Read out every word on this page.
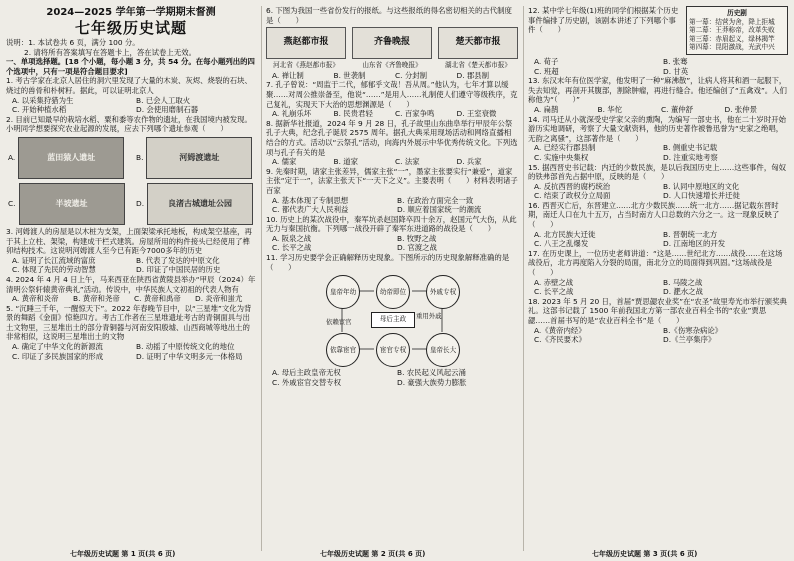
2024—2025 学年第一学期期末督测
七年级历史试题
说明：1. 本试卷共 6 页，满分 100 分。
2. 请将所有答案填写在答题卡上，答在试卷上无效。
一、单项选择题。[18 个小题，每小题 3 分，共 54 分。在每小题列出的四个选项中，只有一项是符合题目要求]
1. 考古学家在北京人居住的洞穴里发现了大量的木炭、灰烬、烧裂的石块、烧过的兽骨和朴树籽。据此，可以证明北京人
A. 以采集狩猎为生	B. 已会人工取火
C. 开始种植水稻	D. 会使用磨制石器
2. 目前已知最早的栽培水稻、粟和黍等农作物的遗址，在我国境内被发现。小明同学想要探究农业起源的发展，应去下列哪个遗址参观（　　）
A.	蓝田猿人遗址	B.	河姆渡遗址
C.	半坡遗址	D.	良渚古城遗址公园
3. 河姆渡人的房屋是以木桩为支架，上面架梁承托地板，构成架空基座，再于其上立柱、架梁，构建成干栏式建筑。房屋所用的构件接头已经使用了榫卯结构技术。这说明河姆渡人至今已有距今7000多年的历史
A. 证明了长江流域的富庶	B. 代表了发达的中原文化
C. 体现了先民的劳动智慧	D. 印证了中国民居的历史
4. 2024 年 4 月 4 日上午，马来西亚在陕西省黄陵县举办“甲辰（2024）年清明公祭轩辕黄帝典礼”活动。传说中，中华民族人文初祖的代表人物有
A. 黄帝和炎帝	B. 黄帝和尧帝	C. 黄帝和禹帝	D. 炎帝和蚩尤
5. “沉睡三千年，一醒惊天下”。2022 年春晚节目中，以“三星堆”文化为背景的舞蹈《金面》惊艳四方。考古工作者在三星堆遗址考古的青铜面具与出土文物里，三星堆出土的部分青铜器与河南安阳殷墟、山西商城等地出土的非常相似，这说明三星堆出土的文物
A. 确定了中华文化的新源流	B. 动摇了中原传统文化的地位
C. 印证了多民族国家的形成	D. 证明了中华文明多元一体格局
6. 下图为我国一些省份发行的报纸。与这些报纸的得名密切相关的古代制度是（　　）
燕赵都市报	齐鲁晚报	楚天都市报
河北省《燕赵都市报》	山东省《齐鲁晚报》	湖北省《楚天都市报》
A. 禅让制	B. 世袭制	C. 分封制	D. 郡县制
7. 孔子曾说：“周监于二代，郁郁乎文哉！吾从周。”他认为，七年才算以缓聚……对周公推崇备至，他说“……”是用人……礼制使人们遵守等级秩序，克己复礼，实现天下大治的思想渊源是（　　）
A. 礼崩乐坏	B. 民贵君轻	C. 百家争鸣	D. 王室衰微
8. 据新华社报道，2024 年 9 月 28 日，孔子故里山东曲阜举行甲辰年公祭孔子大典，纪念孔子诞辰 2575 周年。据孔大典采用现场活动和网络直播相结合的方式。活动以“云祭孔”活动，向海内外展示中华优秀传统文化。下列选项与孔子有关的是
A. 儒家	B. 道家	C. 法家	D. 兵家
9. 先秦时期，诸家主张差异，儒家主张“一”，墨家主张要实行“兼爱”，道家主张“定于一”，法家主张天下“一天下之义”。主要表明（　　）材料表明诸子百家
A. 基本体现了专制思想	B. 在政治方面完全一致
C. 都代表广大人民利益	D. 顺应着国家统一的潮流
10. 历史上的某次战役中，秦军坑杀赵国降卒四十余万，赵国元气大伤，从此无力与秦国抗衡。下列哪一战役开辟了秦军东进道路的战役是（　　）
A. 阪泉之战	B. 牧野之战
C. 长平之战	D. 官渡之战
11. 学习历史要学会正确解释历史现象。下图所示的历史现象解释准确的是（　　）
皇帝年幼	幼帝即位	外戚专权
皇帝长大
宦官专权
依靠宦官
母后主政	重用外戚
依赖宦官
A. 母后主政皇帝无权	B. 农民起义风起云涌
C. 外戚宦官交替专权	D. 豪强大族势力膨胀
历史剧
第一幕：结营为舍，降上拒城
第二幕：王莽称帝，改革失败
第三幕：赤眉起义，绿林揭竿
第四幕：昆阳激战，光武中兴
12. 某中学七年级(1)班的同学们根据某个历史事件编排了历史剧，该剧本讲述了下列哪个事件（　　）
A. 荀子	B. 张骞
C. 班超	D. 甘英
13. 东汉末年有位医学家，他发明了一种“麻沸散”，让病人将其和酒一起服下，失去知觉，再剖开其腹部，割除肿瘤，再进行缝合。他还编创了“五禽戏”。人们称他为“（　　）”
A. 扁鹊	B. 华佗	C. 董仲舒	D. 张仲景
14. 司马迁从小就深受史学家父亲的熏陶，为编写一部史书，他在二十岁时开始游历实地调研，考察了大量文献资料，他的历史著作被鲁迅誉为“史家之绝唱，无韵之离骚”，这部著作是（　　）
A. 已经实行郡县制	B. 侧重史书记载
C. 实施中央集权	D. 注重实地考察
15. 据西晋史书记载：内迁的少数民族，是以后我国历史上……这些事件，匈奴的铁弗部首先占据中原，反映的是（　　）
A. 反抗西晋的腐朽统治	B. 认同中原地区的文化
C. 结束了政权分立局面	D. 人口快速增长并迁徙
16. 西晋灭亡后，东晋建立……北方少数民族……统一北方……据记载东晋时期，南迁人口在九十五万，占当时南方人口总数的六分之一。这一现象反映了（　　）
A. 北方民族大迁徙	B. 晋朝统一北方
C. 八王之乱爆发	D. 江南地区的开发
17. 在历史课上，一位历史老师讲道：“这是……世纪北方……战役……在这场战役后，北方再度陷入分裂的局面，南北分立的局面得到巩固。”这场战役是（　　）
A. 赤壁之战	B. 马陵之战
C. 长平之战	D. 淝水之战
18. 2023 年 5 月 20 日，首届“贾思勰农业奖”在“农圣”故里寿光市举行颁奖典礼。这部书记载了 1500 年前我国北方第一部农业百科全书的“农业”贾思勰……首届书写的是“农业百科全书”是（　　）
A.《黄帝内经》	B.《伤寒杂病论》
C.《齐民要术》	D.《兰亭集序》
七年级历史试题 第 1 页(共 6 页)	七年级历史试题 第 2 页(共 6 页)	七年级历史试题 第 3 页(共 6 页)
